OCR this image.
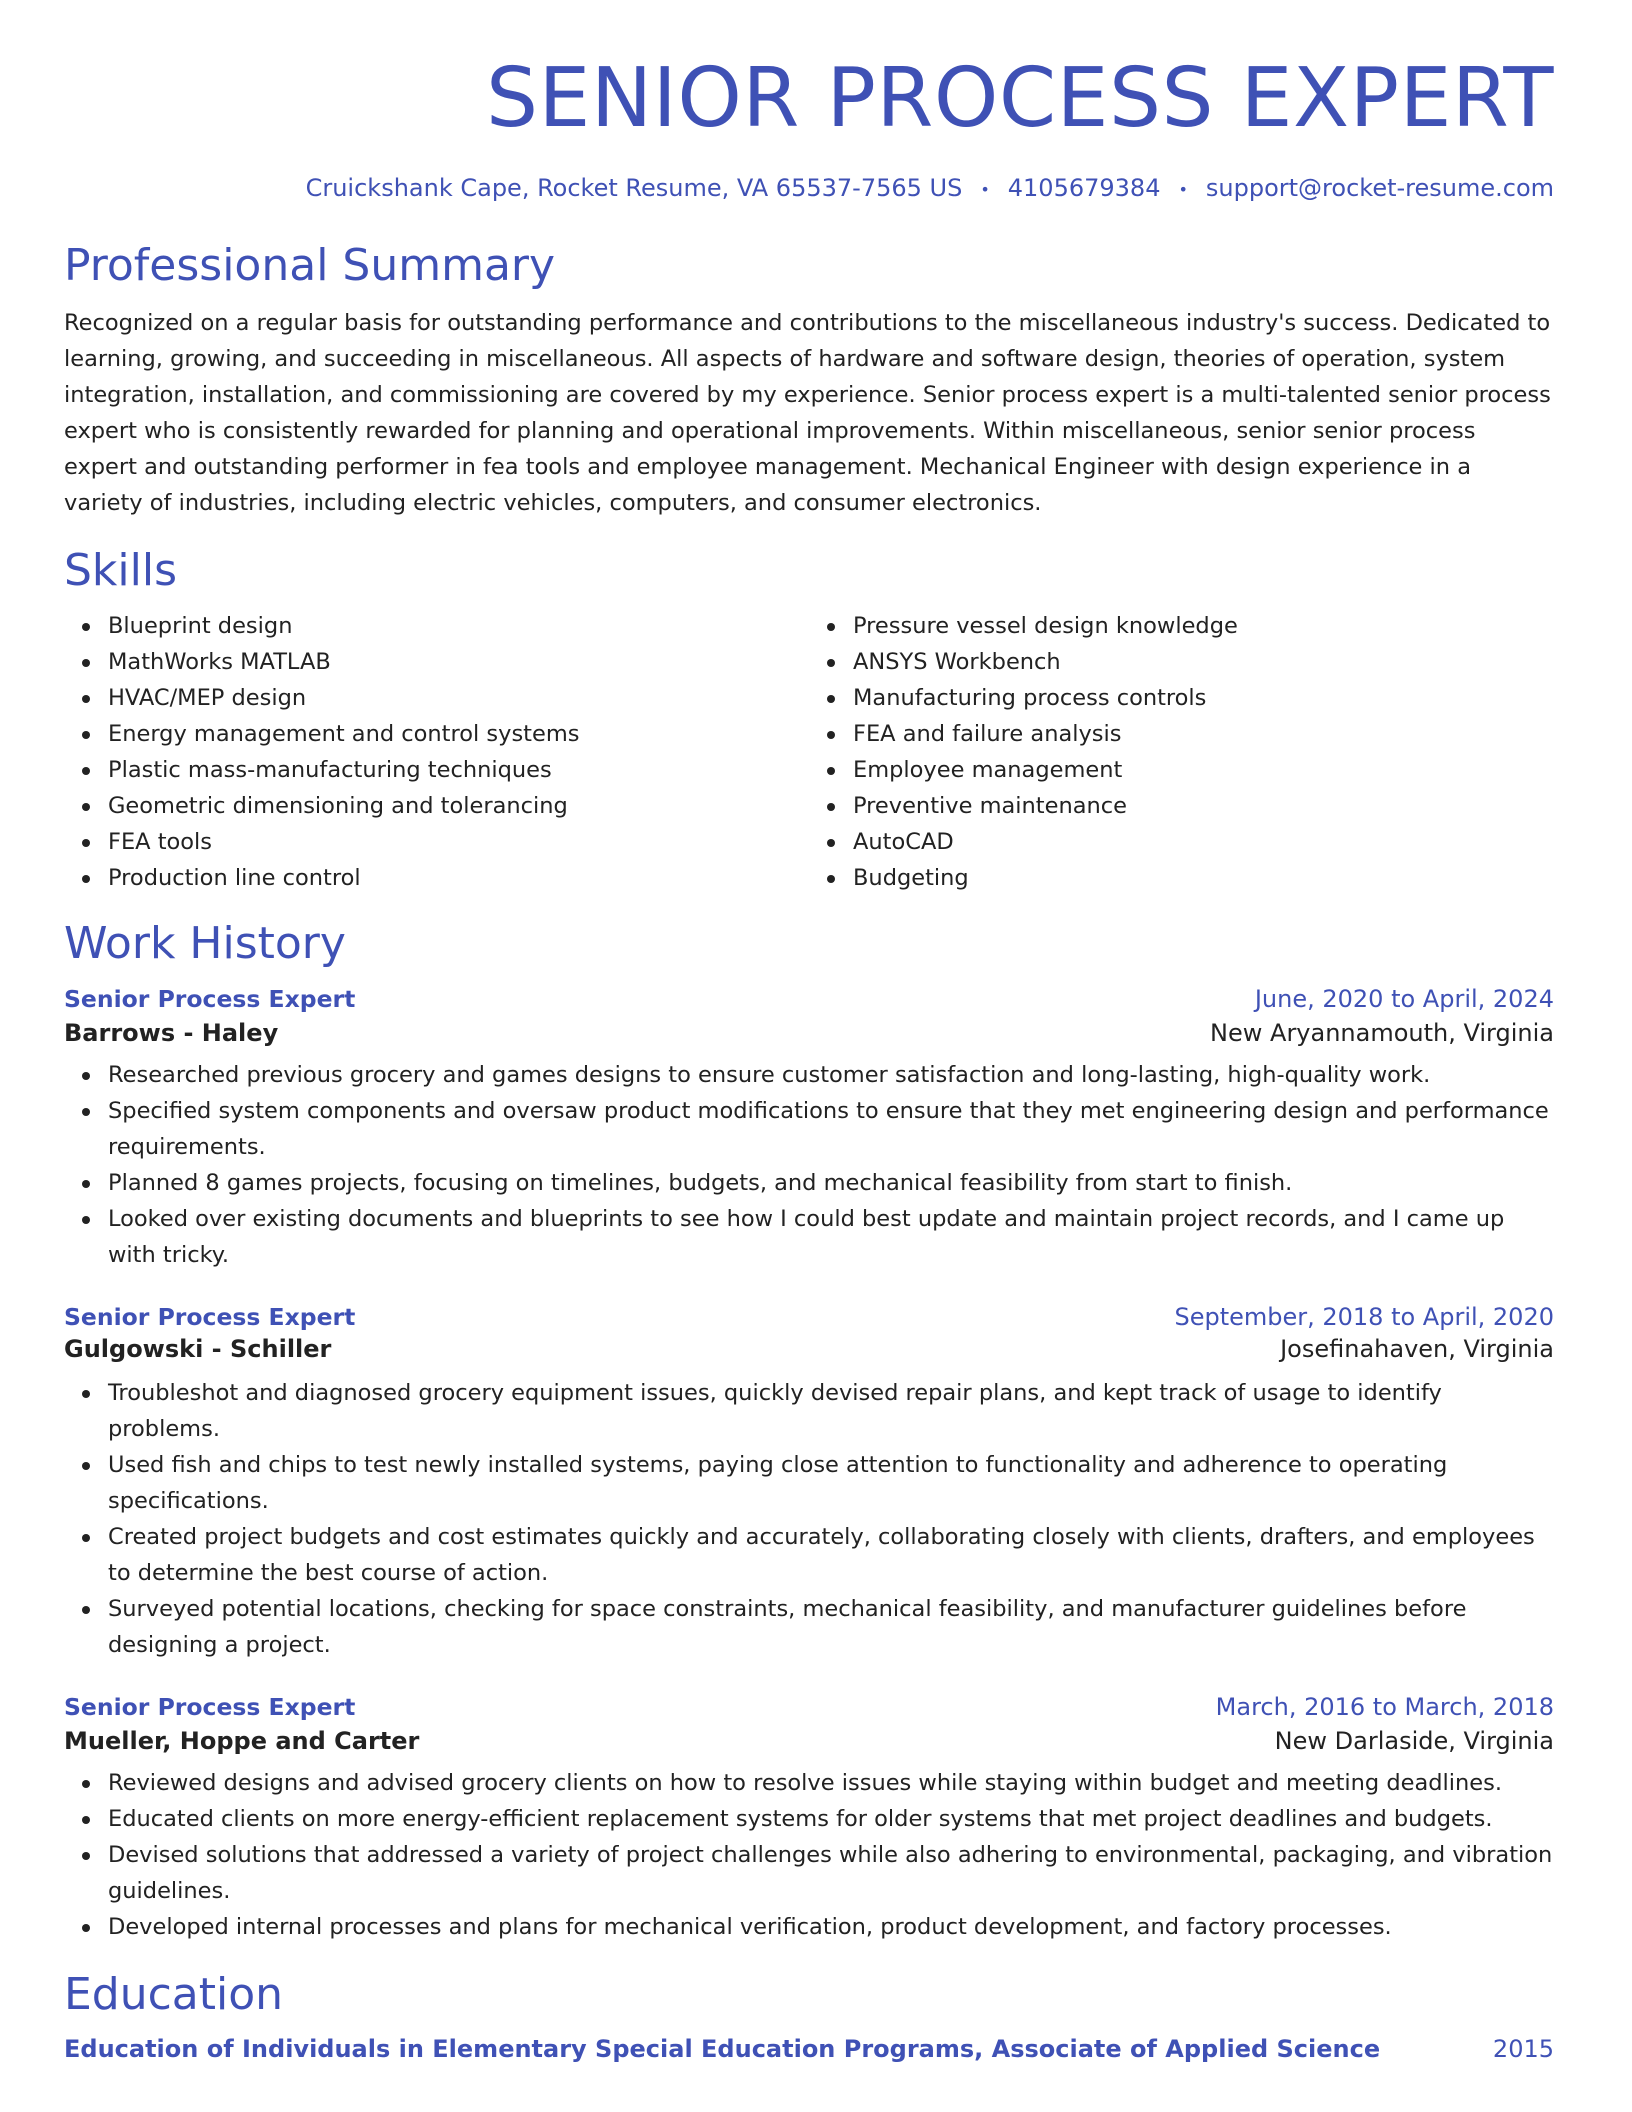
SENIOR PROCESS EXPERT
Cruickshank Cape, Rocket Resume, VA 65537-7565 US • 4105679384 • support@rocket-resume.com
Professional Summary

Recognized on a regular basis for outstanding performance and contributions to the miscellaneous industry's success. Dedicated to learning, growing, and succeeding in miscellaneous. All aspects of hardware and software design, theories of operation, system integration, installation, and commissioning are covered by my experience. Senior process expert is a multi-talented senior process expert who is consistently rewarded for planning and operational improvements. Within miscellaneous, senior senior process expert and outstanding performer in fea tools and employee management. Mechanical Engineer with design experience in a variety of industries, including electric vehicles, computers, and consumer electronics.

Skills
Blueprint design
MathWorks MATLAB
HVAC/MEP design
Energy management and control systems
Plastic mass-manufacturing techniques
Geometric dimensioning and tolerancing
FEA tools
Production line control
Pressure vessel design knowledge
ANSYS Workbench
Manufacturing process controls
FEA and failure analysis
Employee management
Preventive maintenance
AutoCAD
Budgeting
Work History
Senior Process Expert	June, 2020 to April, 2024
Barrows - Haley	New Aryannamouth, Virginia
Researched previous grocery and games designs to ensure customer satisfaction and long-lasting, high-quality work.
Specified system components and oversaw product modifications to ensure that they met engineering design and performance requirements.
Planned 8 games projects, focusing on timelines, budgets, and mechanical feasibility from start to finish.
Looked over existing documents and blueprints to see how I could best update and maintain project records, and I came up with tricky.
Senior Process Expert	September, 2018 to April, 2020
Gulgowski - Schiller	Josefinahaven, Virginia
Troubleshot and diagnosed grocery equipment issues, quickly devised repair plans, and kept track of usage to identify problems.
Used fish and chips to test newly installed systems, paying close attention to functionality and adherence to operating specifications.
Created project budgets and cost estimates quickly and accurately, collaborating closely with clients, drafters, and employees to determine the best course of action.
Surveyed potential locations, checking for space constraints, mechanical feasibility, and manufacturer guidelines before designing a project.
Senior Process Expert	March, 2016 to March, 2018
Mueller, Hoppe and Carter	New Darlaside, Virginia
Reviewed designs and advised grocery clients on how to resolve issues while staying within budget and meeting deadlines.
Educated clients on more energy-efficient replacement systems for older systems that met project deadlines and budgets.
Devised solutions that addressed a variety of project challenges while also adhering to environmental, packaging, and vibration guidelines.
Developed internal processes and plans for mechanical verification, product development, and factory processes.
Education
Education of Individuals in Elementary Special Education Programs, Associate of Applied Science	2015
